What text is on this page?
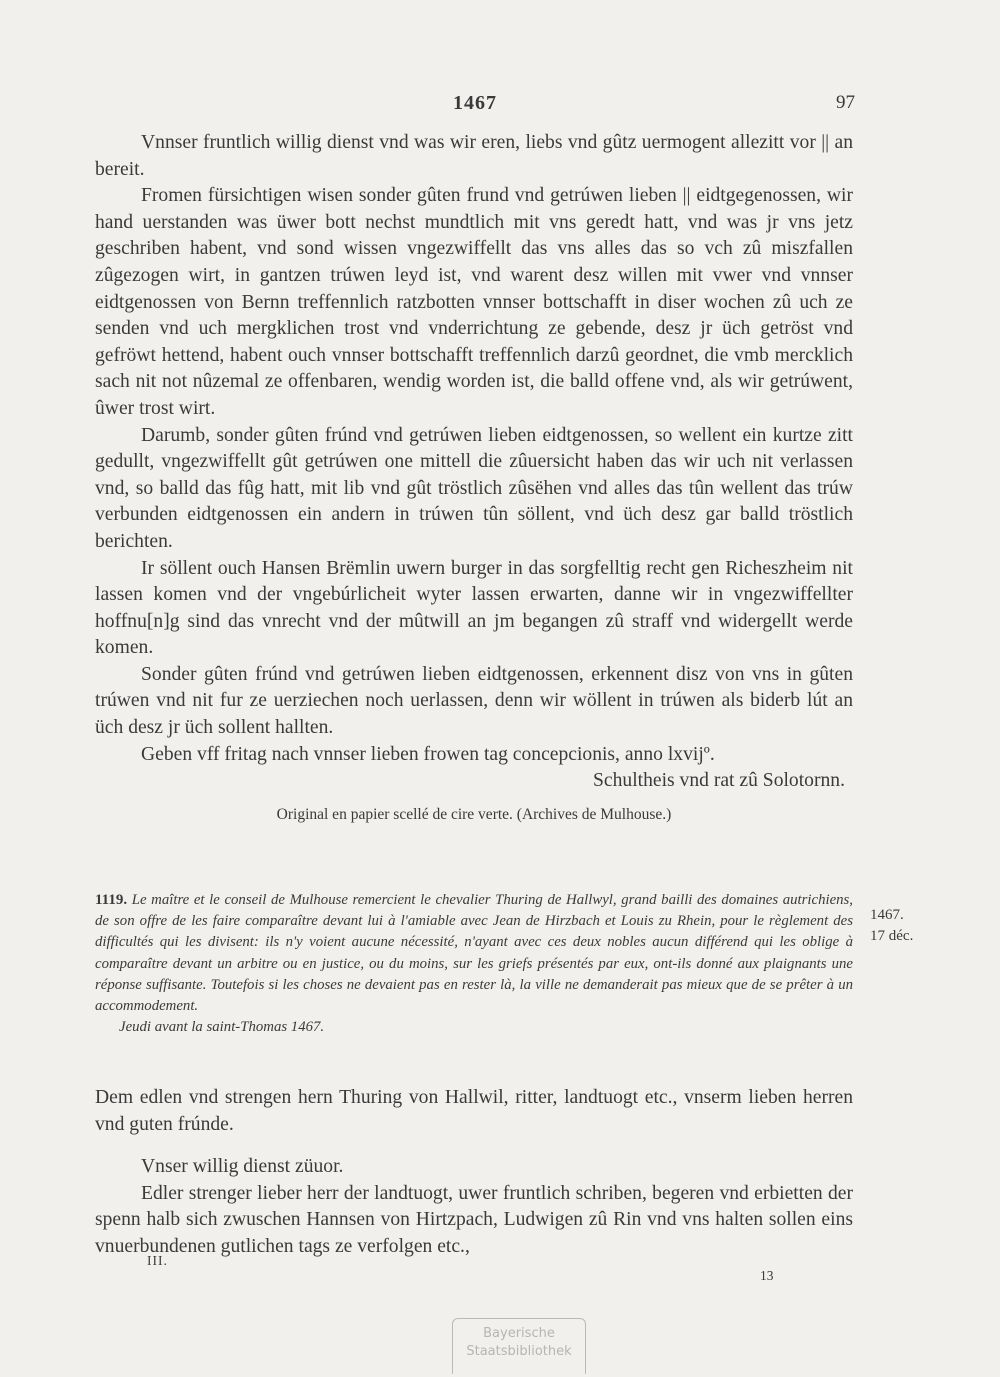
1467	97

Vnnser fruntlich willig dienst vnd was wir eren, liebs vnd gûtz uermogent allezitt vor || an bereit.

Fromen fürsichtigen wisen sonder gûten frund vnd getrúwen lieben || eidtgegenossen, wir hand uerstanden was üwer bott nechst mundtlich mit vns geredt hatt, vnd was jr vns jetz geschriben habent, vnd sond wissen vngezwiffellt das vns alles das so vch zû miszfallen zûgezogen wirt, in gantzen trúwen leyd ist, vnd warent desz willen mit vwer vnd vnnser eidtgenossen von Bernn treffennlich ratzbotten vnnser bottschafft in diser wochen zû uch ze senden vnd uch mergklichen trost vnd vnderrichtung ze gebende, desz jr üch getröst vnd gefröwt hettend, habent ouch vnnser bottschafft treffennlich darzû geordnet, die vmb mercklich sach nit not nûzemal ze offenbaren, wendig worden ist, die balld offene vnd, als wir getrúwent, ûwer trost wirt.

Darumb, sonder gûten frúnd vnd getrúwen lieben eidtgenossen, so wellent ein kurtze zitt gedullt, vngezwiffellt gût getrúwen one mittell die zûuersicht haben das wir uch nit verlassen vnd, so balld das fûg hatt, mit lib vnd gût tröstlich zûsëhen vnd alles das tûn wellent das trúw verbunden eidtgenossen ein andern in trúwen tûn söllent, vnd üch desz gar balld tröstlich berichten.

Ir söllent ouch Hansen Brëmlin uwern burger in das sorgfelltig recht gen Richeszheim nit lassen komen vnd der vngebúrlicheit wyter lassen erwarten, danne wir in vngezwiffellter hoffnu[n]g sind das vnrecht vnd der mûtwill an jm begangen zû straff vnd widergellt werde komen.

Sonder gûten frúnd vnd getrúwen lieben eidtgenossen, erkennent disz von vns in gûten trúwen vnd nit fur ze uerziechen noch uerlassen, denn wir wöllent in trúwen als biderb lút an üch desz jr üch sollent hallten.

Geben vff fritag nach vnnser lieben frowen tag concepcionis, anno lxvijº.

Schultheis vnd rat zû Solotornn.

Original en papier scellé de cire verte. (Archives de Mulhouse.)

1119. Le maître et le conseil de Mulhouse remercient le chevalier Thuring de Hallwyl, grand bailli des domaines autrichiens, de son offre de les faire comparaître devant lui à l'amiable avec Jean de Hirzbach et Louis zu Rhein, pour le règlement des difficultés qui les divisent: ils n'y voient aucune nécessité, n'ayant avec ces deux nobles aucun différend qui les oblige à comparaître devant un arbitre ou en justice, ou du moins, sur les griefs présentés par eux, ont-ils donné aux plaignants une réponse suffisante. Toutefois si les choses ne devaient pas en rester là, la ville ne demanderait pas mieux que de se prêter à un accommodement.
Jeudi avant la saint-Thomas 1467.
1467.
17 déc.

Dem edlen vnd strengen hern Thuring von Hallwil, ritter, landtuogt etc., vnserm lieben herren vnd guten frúnde.

Vnser willig dienst züuor.

Edler strenger lieber herr der landtuogt, uwer fruntlich schriben, begeren vnd erbietten der spenn halb sich zwuschen Hannsen von Hirtzpach, Ludwigen zû Rin vnd vns halten sollen eins vnuerbundenen gutlichen tags ze verfolgen etc.,

III.
13
Bayerische
Staatsbibliothek
